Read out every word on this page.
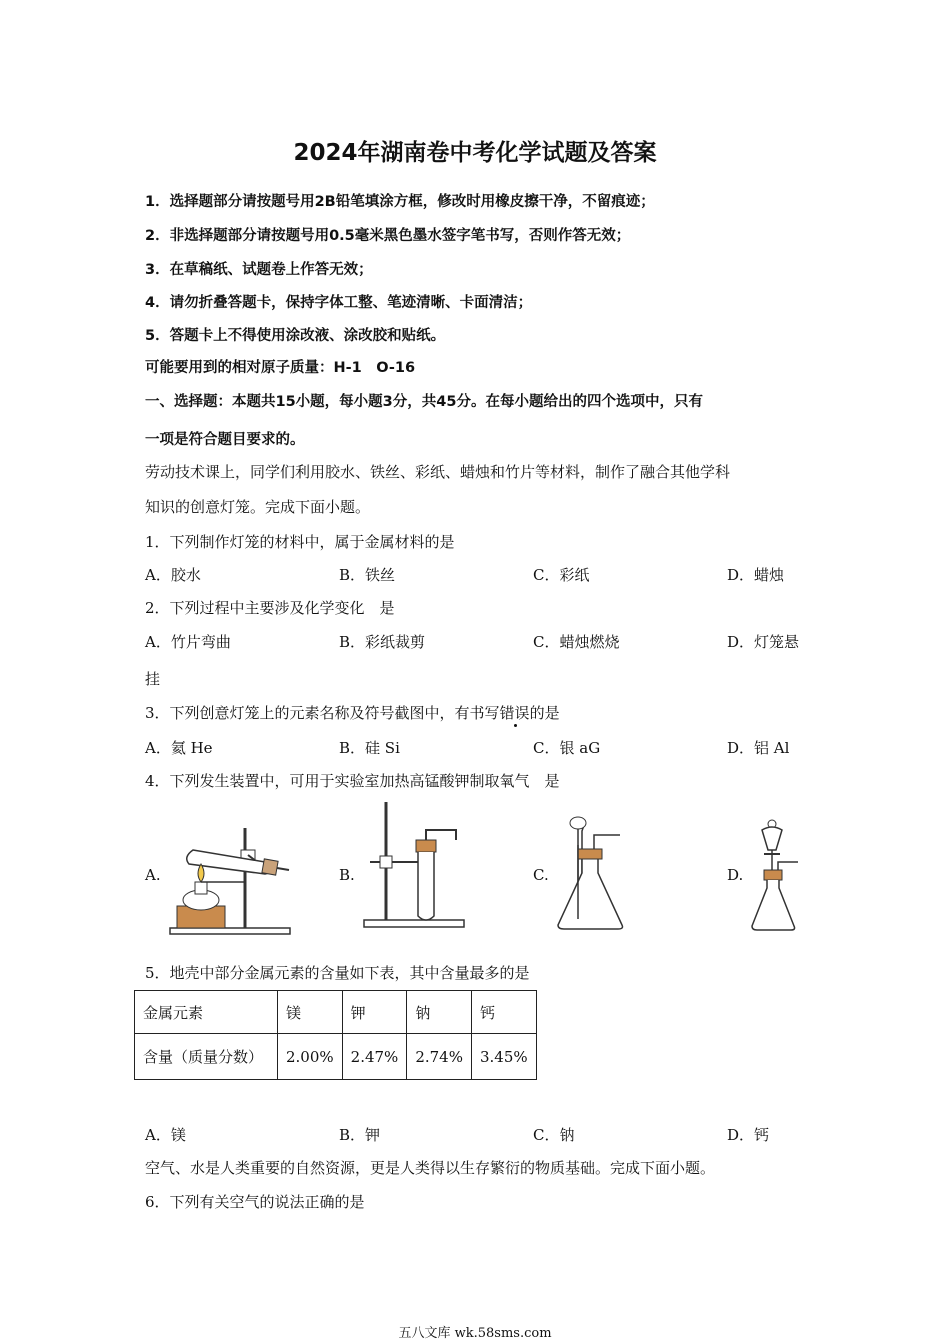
2024年湖南卷中考化学试题及答案
1．选择题部分请按题号用2B铅笔填涂方框，修改时用橡皮擦干净，不留痕迹；
2．非选择题部分请按题号用0.5毫米黑色墨水签字笔书写，否则作答无效；
3．在草稿纸、试题卷上作答无效；
4．请勿折叠答题卡，保持字体工整、笔迹清晰、卡面清洁；
5．答题卡上不得使用涂改液、涂改胶和贴纸。
可能要用到的相对原子质量：H-1　O-16
一、选择题：本题共15小题，每小题3分，共45分。在每小题给出的四个选项中，只有
一项是符合题目要求的。
劳动技术课上，同学们利用胶水、铁丝、彩纸、蜡烛和竹片等材料，制作了融合其他学科
知识的创意灯笼。完成下面小题。
1．下列制作灯笼的材料中，属于金属材料的是
A．胶水	B．铁丝	C．彩纸	D．蜡烛
2．下列过程中主要涉及化学变化　是
A．竹片弯曲	B．彩纸裁剪	C．蜡烛燃烧	D．灯笼悬
挂
3．下列创意灯笼上的元素名称及符号截图中，有书写错误的是
A．氦 He	B．硅 Si	C．银 aG	D．铝 Al
4．下列发生装置中，可用于实验室加热高锰酸钾制取氧气　是
A.	B.	C.	D.
5．地壳中部分金属元素的含量如下表，其中含量最多的是
金属元素	镁	钾	钠	钙
含量（质量分数）	2.00%	2.47%	2.74%	3.45%
A．镁	B．钾	C．钠	D．钙
空气、水是人类重要的自然资源，更是人类得以生存繁衍的物质基础。完成下面小题。
6．下列有关空气的说法正确的是
五八文库 wk.58sms.com
